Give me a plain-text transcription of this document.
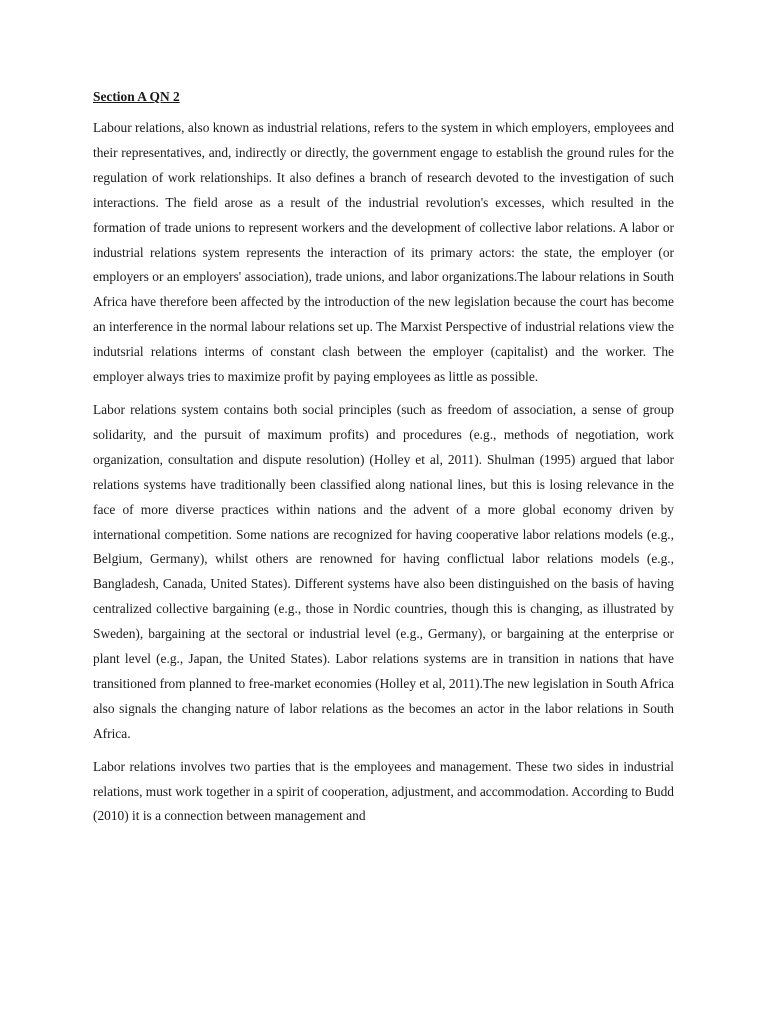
Section A QN 2

Labour relations, also known as industrial relations, refers to the system in which employers, employees and their representatives, and, indirectly or directly, the government engage to establish the ground rules for the regulation of work relationships. It also defines a branch of research devoted to the investigation of such interactions. The field arose as a result of the industrial revolution's excesses, which resulted in the formation of trade unions to represent workers and the development of collective labor relations. A labor or industrial relations system represents the interaction of its primary actors: the state, the employer (or employers or an employers' association), trade unions, and labor organizations.The labour relations in South Africa have therefore been affected by the introduction of the new legislation because the court has become an interference in the normal labour relations set up. The Marxist Perspective of industrial relations view the indutsrial relations interms of constant clash between the employer (capitalist) and the worker. The employer always tries to maximize profit by paying employees as little as possible.

Labor relations system contains both social principles (such as freedom of association, a sense of group solidarity, and the pursuit of maximum profits) and procedures (e.g., methods of negotiation, work organization, consultation and dispute resolution) (Holley et al, 2011). Shulman (1995) argued that labor relations systems have traditionally been classified along national lines, but this is losing relevance in the face of more diverse practices within nations and the advent of a more global economy driven by international competition. Some nations are recognized for having cooperative labor relations models (e.g., Belgium, Germany), whilst others are renowned for having conflictual labor relations models (e.g., Bangladesh, Canada, United States). Different systems have also been distinguished on the basis of having centralized collective bargaining (e.g., those in Nordic countries, though this is changing, as illustrated by Sweden), bargaining at the sectoral or industrial level (e.g., Germany), or bargaining at the enterprise or plant level (e.g., Japan, the United States). Labor relations systems are in transition in nations that have transitioned from planned to free-market economies (Holley et al, 2011).The new legislation in South Africa also signals the changing nature of labor relations as the becomes an actor in the labor relations in South Africa.

Labor relations involves two parties that is the employees and management. These two sides in industrial relations, must work together in a spirit of cooperation, adjustment, and accommodation. According to Budd (2010) it is a connection between management and
